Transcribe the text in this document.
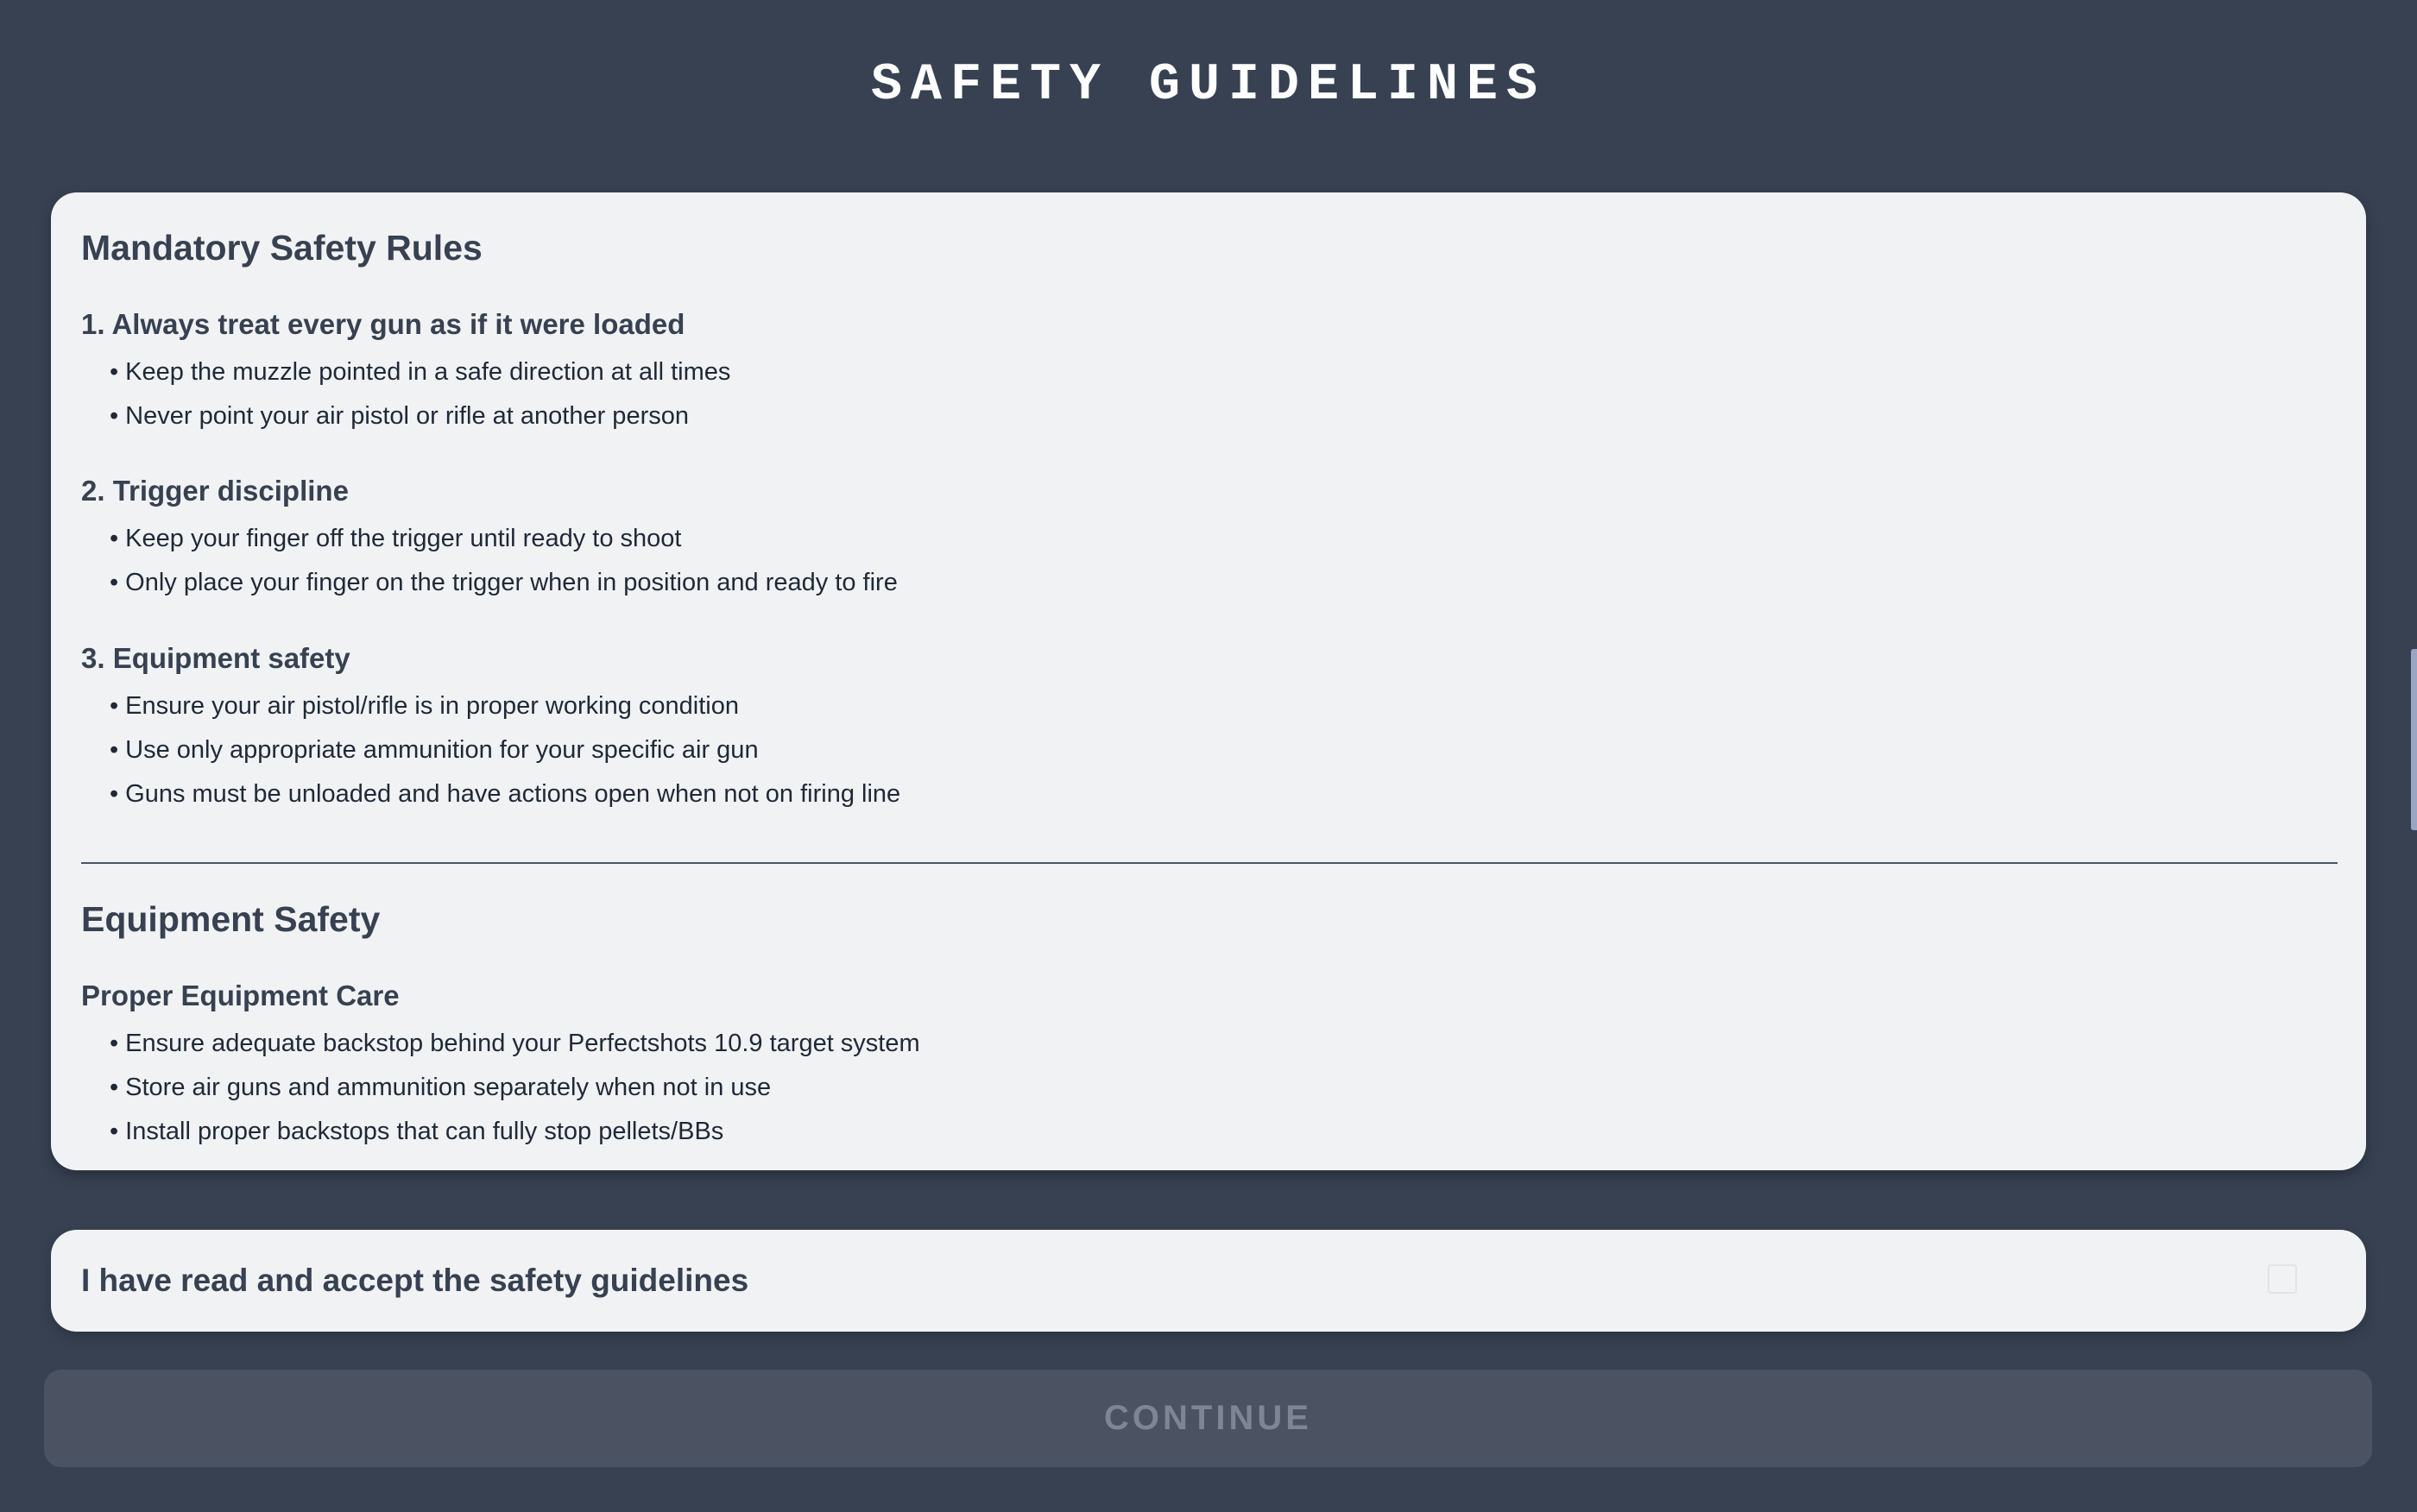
SAFETY GUIDELINES
Mandatory Safety Rules
1. Always treat every gun as if it were loaded
• Keep the muzzle pointed in a safe direction at all times
• Never point your air pistol or rifle at another person
2. Trigger discipline
• Keep your finger off the trigger until ready to shoot
• Only place your finger on the trigger when in position and ready to fire
3. Equipment safety
• Ensure your air pistol/rifle is in proper working condition
• Use only appropriate ammunition for your specific air gun
• Guns must be unloaded and have actions open when not on firing line
Equipment Safety
Proper Equipment Care
• Ensure adequate backstop behind your Perfectshots 10.9 target system
• Store air guns and ammunition separately when not in use
• Install proper backstops that can fully stop pellets/BBs
I have read and accept the safety guidelines
CONTINUE
